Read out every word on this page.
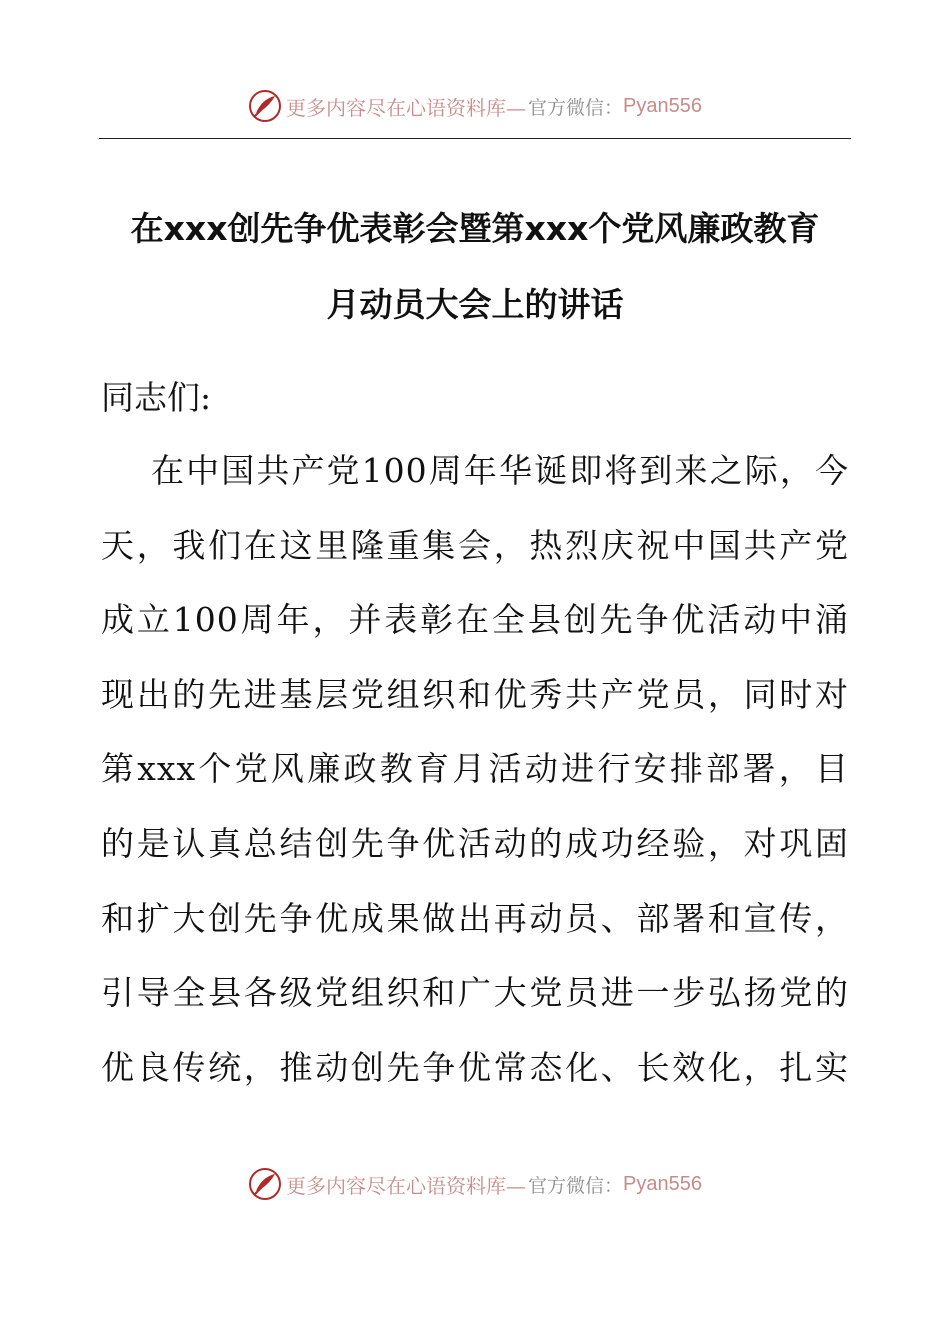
更多内容尽在心语资料库— 官方微信： Pyan556
在xxx创先争优表彰会暨第xxx个党风廉政教育
月动员大会上的讲话
同志们:
在中国共产党100周年华诞即将到来之际，今
天，我们在这里隆重集会，热烈庆祝中国共产党
成立100周年，并表彰在全县创先争优活动中涌
现出的先进基层党组织和优秀共产党员，同时对
第xxx个党风廉政教育月活动进行安排部署，目
的是认真总结创先争优活动的成功经验，对巩固
和扩大创先争优成果做出再动员、部署和宣传，
引导全县各级党组织和广大党员进一步弘扬党的
优良传统，推动创先争优常态化、长效化，扎实
更多内容尽在心语资料库— 官方微信： Pyan556
